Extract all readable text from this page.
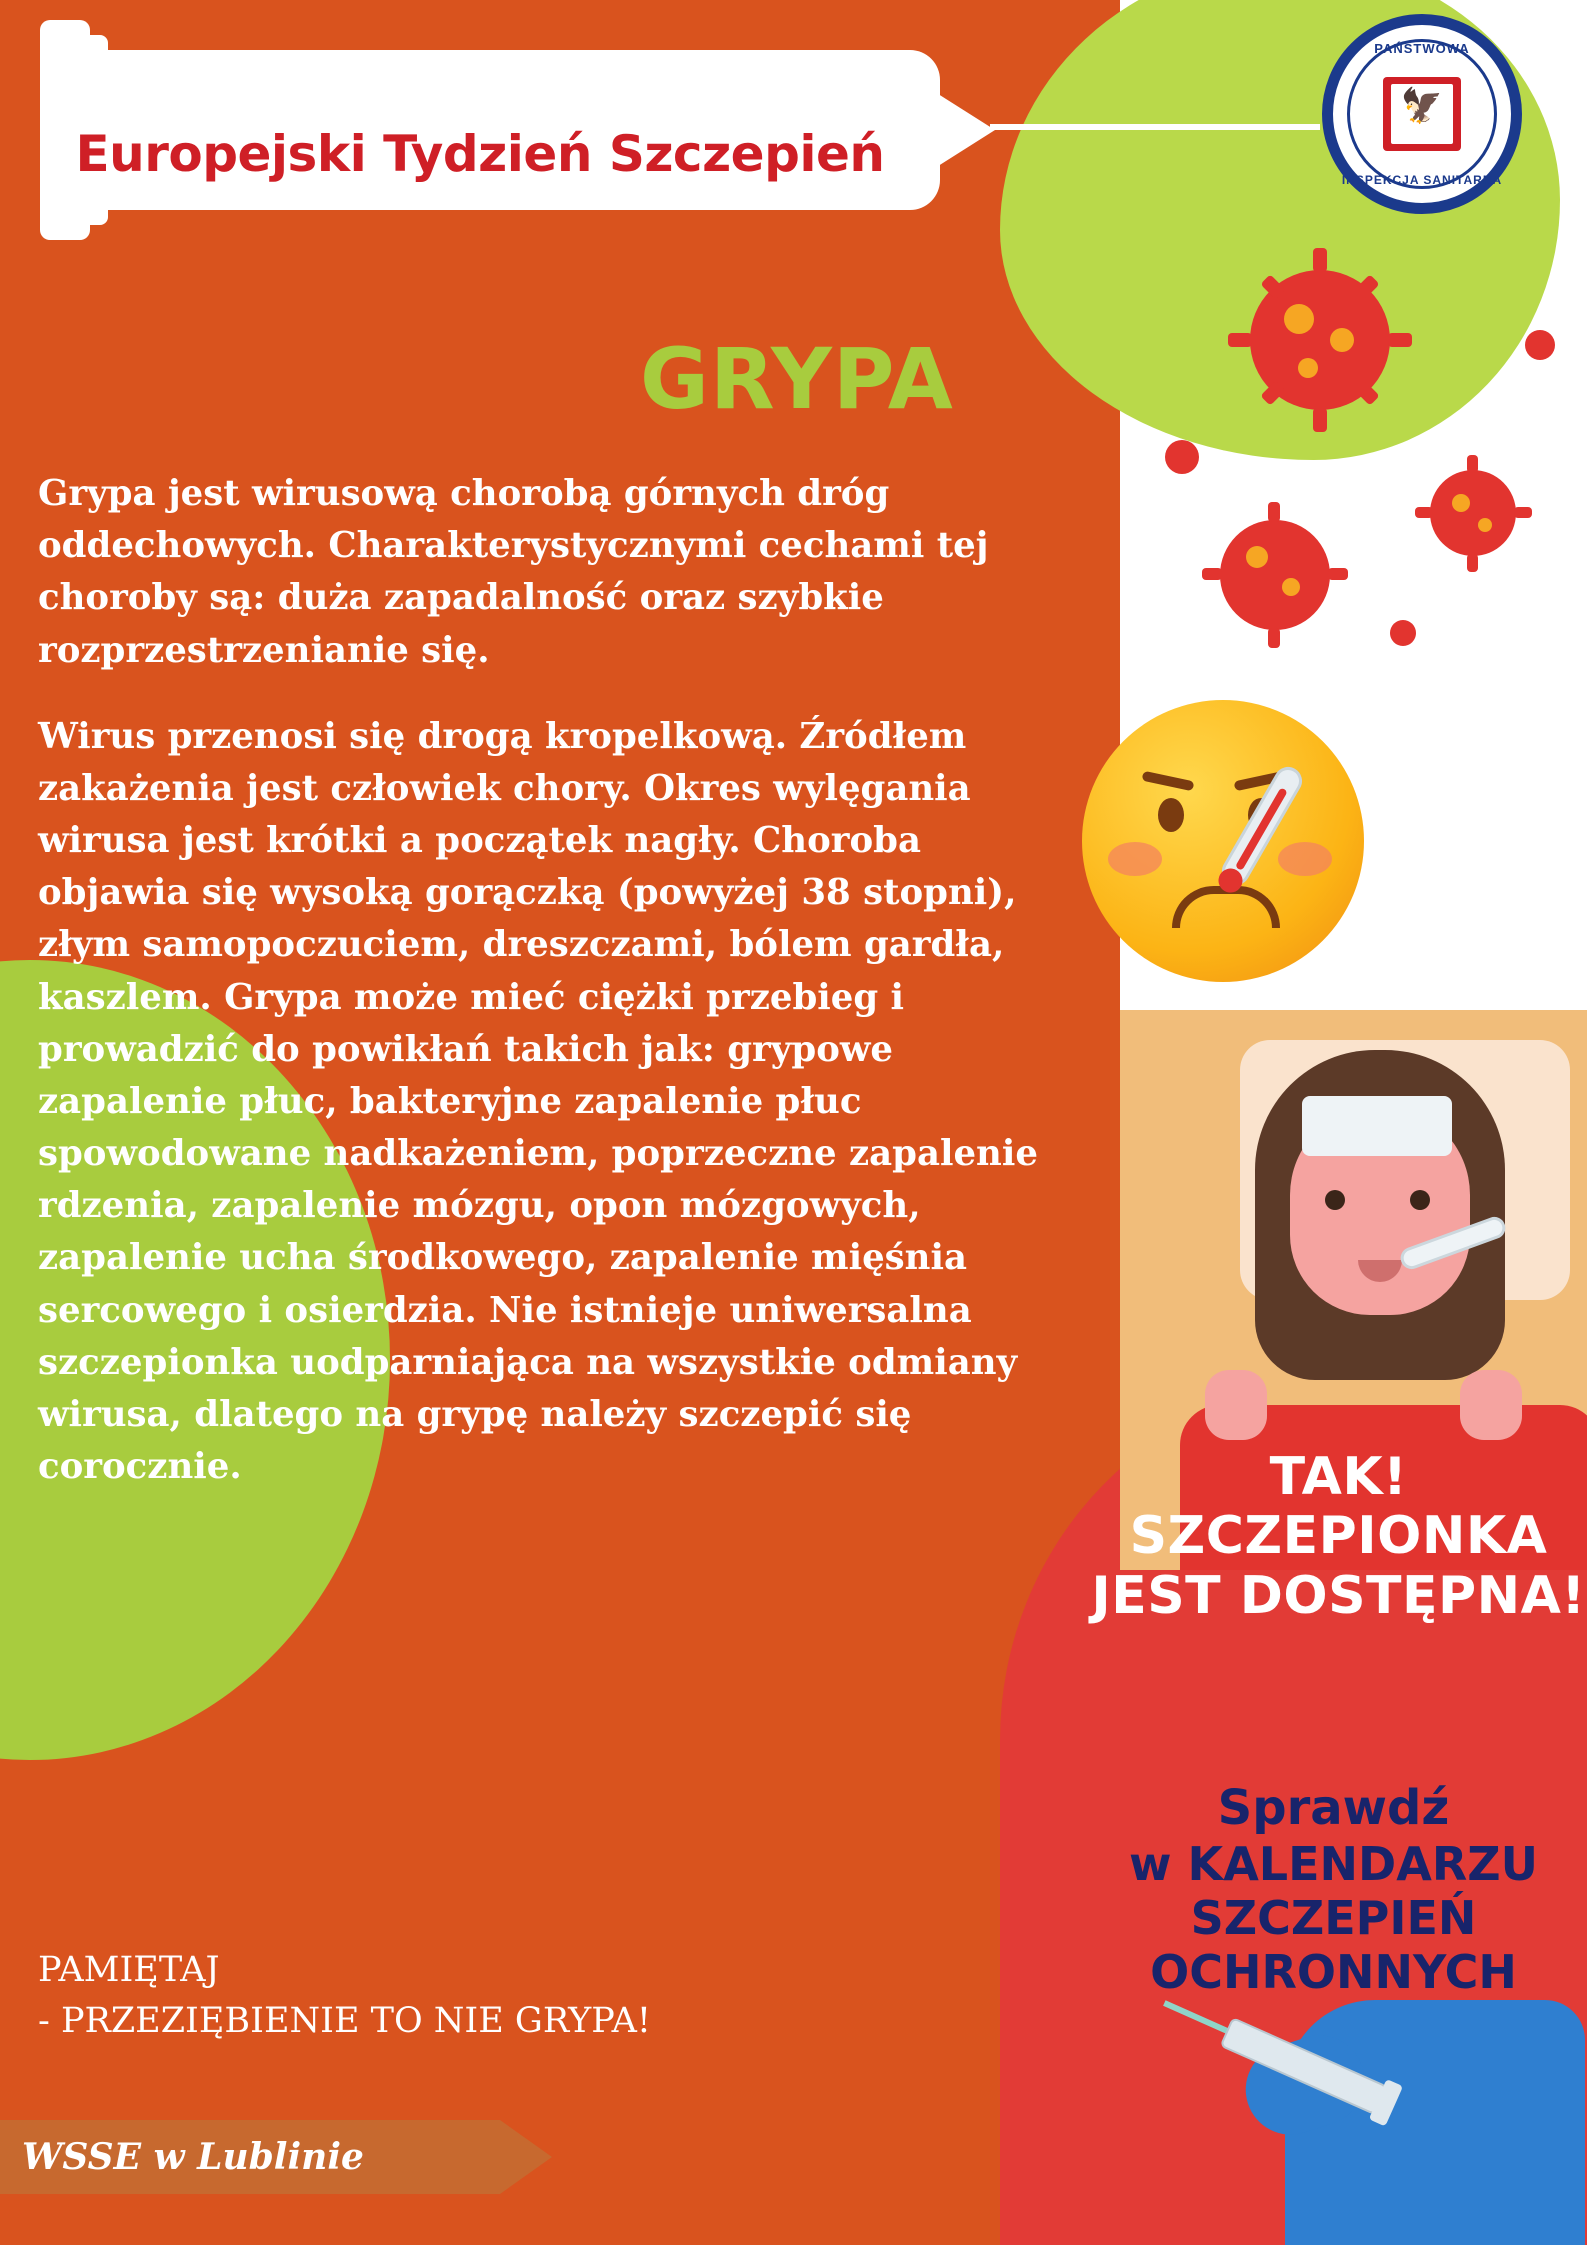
Europejski Tydzień Szczepień
PAŃSTWOWA
🦅
INSPEKCJA SANITARNA
GRYPA

Grypa jest wirusową chorobą górnych dróg oddechowych. Charakterystycznymi cechami tej choroby są: duża zapadalność oraz szybkie rozprzestrzenianie się.

Wirus przenosi się drogą kropelkową. Źródłem zakażenia jest człowiek chory. Okres wylęgania wirusa jest krótki a początek nagły. Choroba objawia się wysoką gorączką (powyżej 38 stopni), złym samopoczuciem, dreszczami, bólem gardła, kaszlem. Grypa może mieć ciężki przebieg i prowadzić do powikłań takich jak: grypowe zapalenie płuc, bakteryjne zapalenie płuc spowodowane nadkażeniem, poprzeczne zapalenie rdzenia, zapalenie mózgu, opon mózgowych, zapalenie ucha środkowego, zapalenie mięśnia sercowego i osierdzia. Nie istnieje uniwersalna szczepionka uodparniająca na wszystkie odmiany wirusa, dlatego na grypę należy szczepić się corocznie.

PAMIĘTAJ
- PRZEZIĘBIENIE TO NIE GRYPA!
TAK!
SZCZEPIONKA
JEST DOSTĘPNA!
Sprawdź
w KALENDARZU
SZCZEPIEŃ OCHRONNYCH
WSSE w Lublinie
